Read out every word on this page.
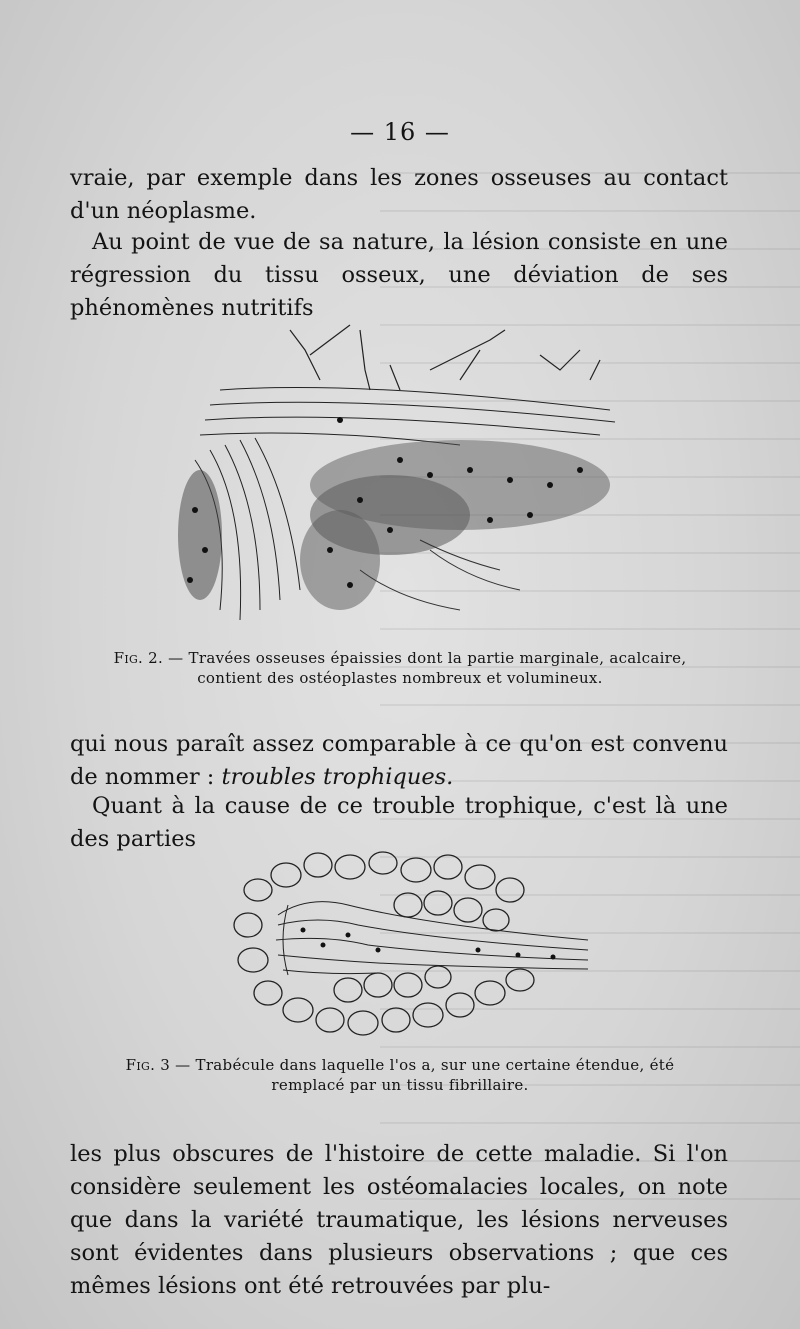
— 16 —

vraie, par exemple dans les zones osseuses au contact d'un néoplasme.

Au point de vue de sa nature, la lésion consiste en une régression du tissu osseux, une déviation de ses phénomènes nutritifs

Fig. 2. — Travées osseuses épaissies dont la partie marginale, acalcaire, contient des ostéoplastes nombreux et volumineux.

qui nous paraît assez comparable à ce qu'on est convenu de nommer : troubles trophiques.

Quant à la cause de ce trouble trophique, c'est là une des parties

Fig. 3 — Trabécule dans laquelle l'os a, sur une certaine étendue, été remplacé par un tissu fibrillaire.

les plus obscures de l'histoire de cette maladie. Si l'on considère seulement les ostéomalacies locales, on note que dans la variété traumatique, les lésions nerveuses sont évidentes dans plusieurs observations ; que ces mêmes lésions ont été retrouvées par plu-
